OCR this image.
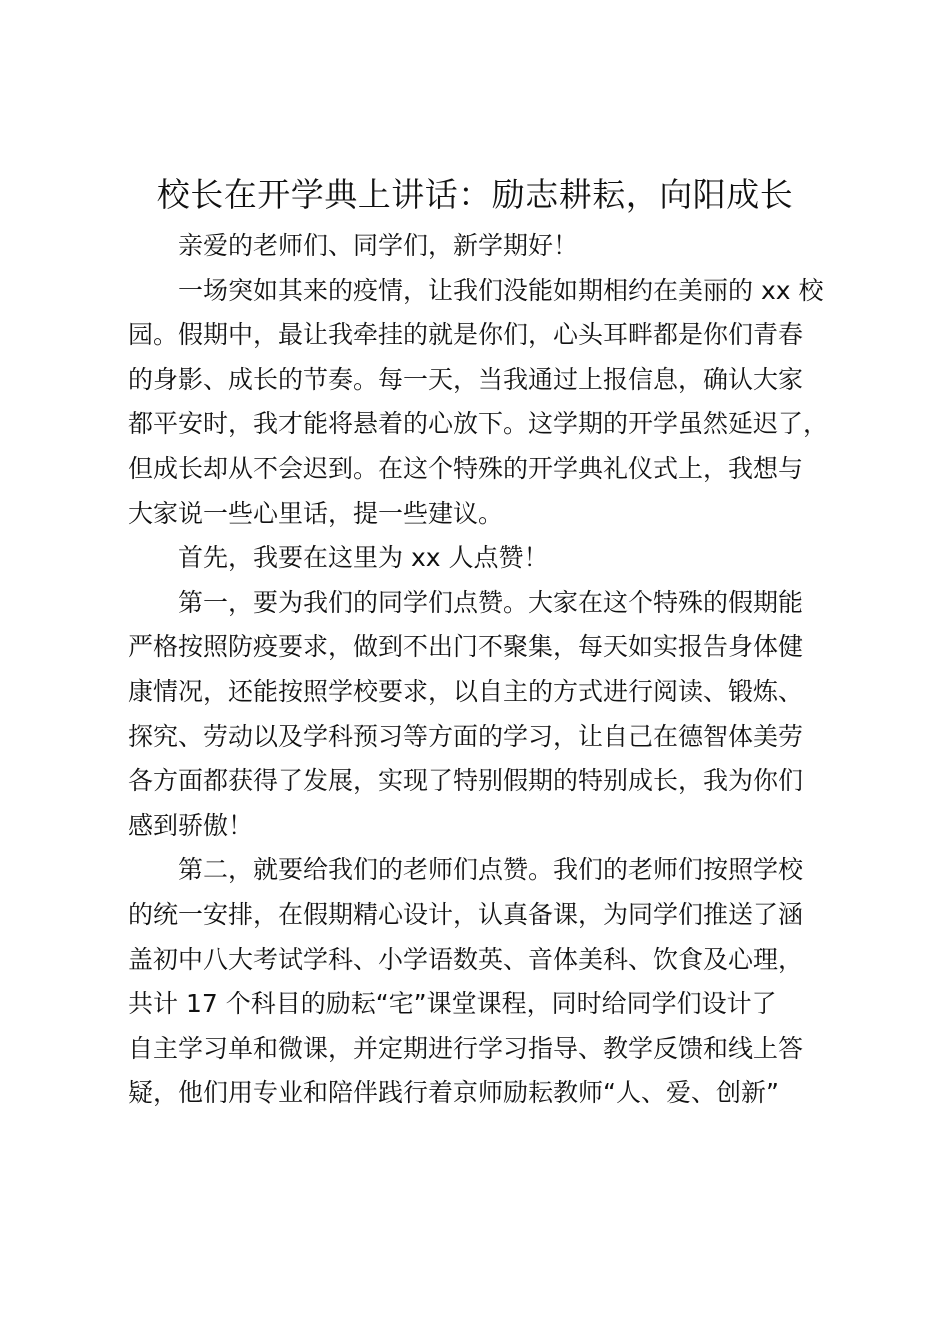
校长在开学典上讲话：励志耕耘，向阳成长
亲爱的老师们、同学们，新学期好！
一场突如其来的疫情，让我们没能如期相约在美丽的 xx 校
园。假期中，最让我牵挂的就是你们，心头耳畔都是你们青春
的身影、成长的节奏。每一天，当我通过上报信息，确认大家
都平安时，我才能将悬着的心放下。这学期的开学虽然延迟了，
但成长却从不会迟到。在这个特殊的开学典礼仪式上，我想与
大家说一些心里话，提一些建议。
首先，我要在这里为 xx 人点赞！
第一，要为我们的同学们点赞。大家在这个特殊的假期能
严格按照防疫要求，做到不出门不聚集，每天如实报告身体健
康情况，还能按照学校要求，以自主的方式进行阅读、锻炼、
探究、劳动以及学科预习等方面的学习，让自己在德智体美劳
各方面都获得了发展，实现了特别假期的特别成长，我为你们
感到骄傲！
第二，就要给我们的老师们点赞。我们的老师们按照学校
的统一安排，在假期精心设计，认真备课，为同学们推送了涵
盖初中八大考试学科、小学语数英、音体美科、饮食及心理，
共计 17 个科目的励耘“宅”课堂课程，同时给同学们设计了
自主学习单和微课，并定期进行学习指导、教学反馈和线上答
疑，他们用专业和陪伴践行着京师励耘教师“人、爱、创新”
